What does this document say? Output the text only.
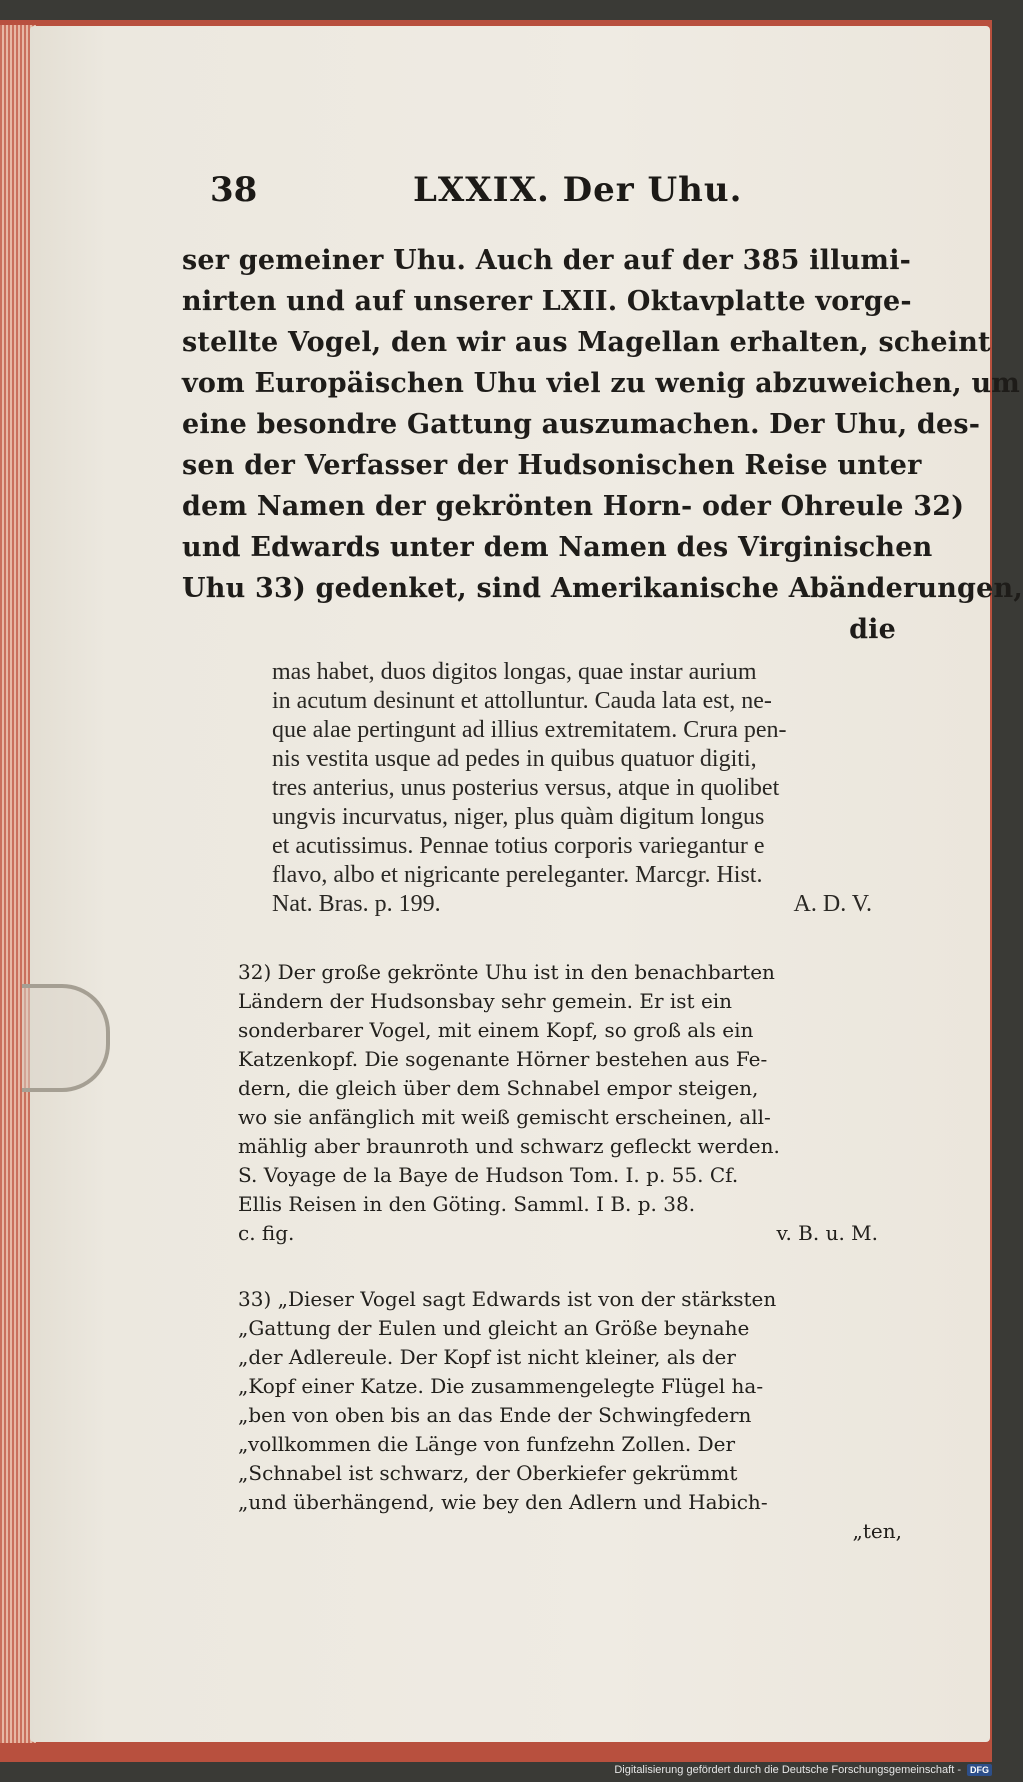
38	LXXIX. Der Uhu.
ser gemeiner Uhu. Auch der auf der 385 illumi-
nirten und auf unserer LXII. Oktavplatte vorge-
stellte Vogel, den wir aus Magellan erhalten, scheint
vom Europäischen Uhu viel zu wenig abzuweichen, um
eine besondre Gattung auszumachen. Der Uhu, des-
sen der Verfasser der Hudsonischen Reise unter
dem Namen der gekrönten Horn- oder Ohreule 32)
und Edwards unter dem Namen des Virginischen
Uhu 33) gedenket, sind Amerikanische Abänderungen,
die
mas habet, duos digitos longas, quae instar aurium
in acutum desinunt et attolluntur. Cauda lata est, ne-
que alae pertingunt ad illius extremitatem. Crura pen-
nis vestita usque ad pedes in quibus quatuor digiti,
tres anterius, unus posterius versus, atque in quolibet
ungvis incurvatus, niger, plus quàm digitum longus
et acutissimus. Pennae totius corporis variegantur e
flavo, albo et nigricante pereleganter. Marcgr. Hist.
Nat. Bras. p. 199.	A. D. V.
32) Der große gekrönte Uhu ist in den benachbarten
Ländern der Hudsonsbay sehr gemein. Er ist ein
sonderbarer Vogel, mit einem Kopf, so groß als ein
Katzenkopf. Die sogenante Hörner bestehen aus Fe-
dern, die gleich über dem Schnabel empor steigen,
wo sie anfänglich mit weiß gemischt erscheinen, all-
mählig aber braunroth und schwarz gefleckt werden.
S. Voyage de la Baye de Hudson Tom. I. p. 55. Cf.
Ellis Reisen in den Göting. Samml. I B. p. 38.
c. fig.	v. B. u. M.
33) „Dieser Vogel sagt Edwards ist von der stärksten
„Gattung der Eulen und gleicht an Größe beynahe
„der Adlereule. Der Kopf ist nicht kleiner, als der
„Kopf einer Katze. Die zusammengelegte Flügel ha-
„ben von oben bis an das Ende der Schwingfedern
„vollkommen die Länge von funfzehn Zollen. Der
„Schnabel ist schwarz, der Oberkiefer gekrümmt
„und überhängend, wie bey den Adlern und Habich-
„ten,
Digitalisierung gefördert durch die Deutsche Forschungsgemeinschaft -	DFG
